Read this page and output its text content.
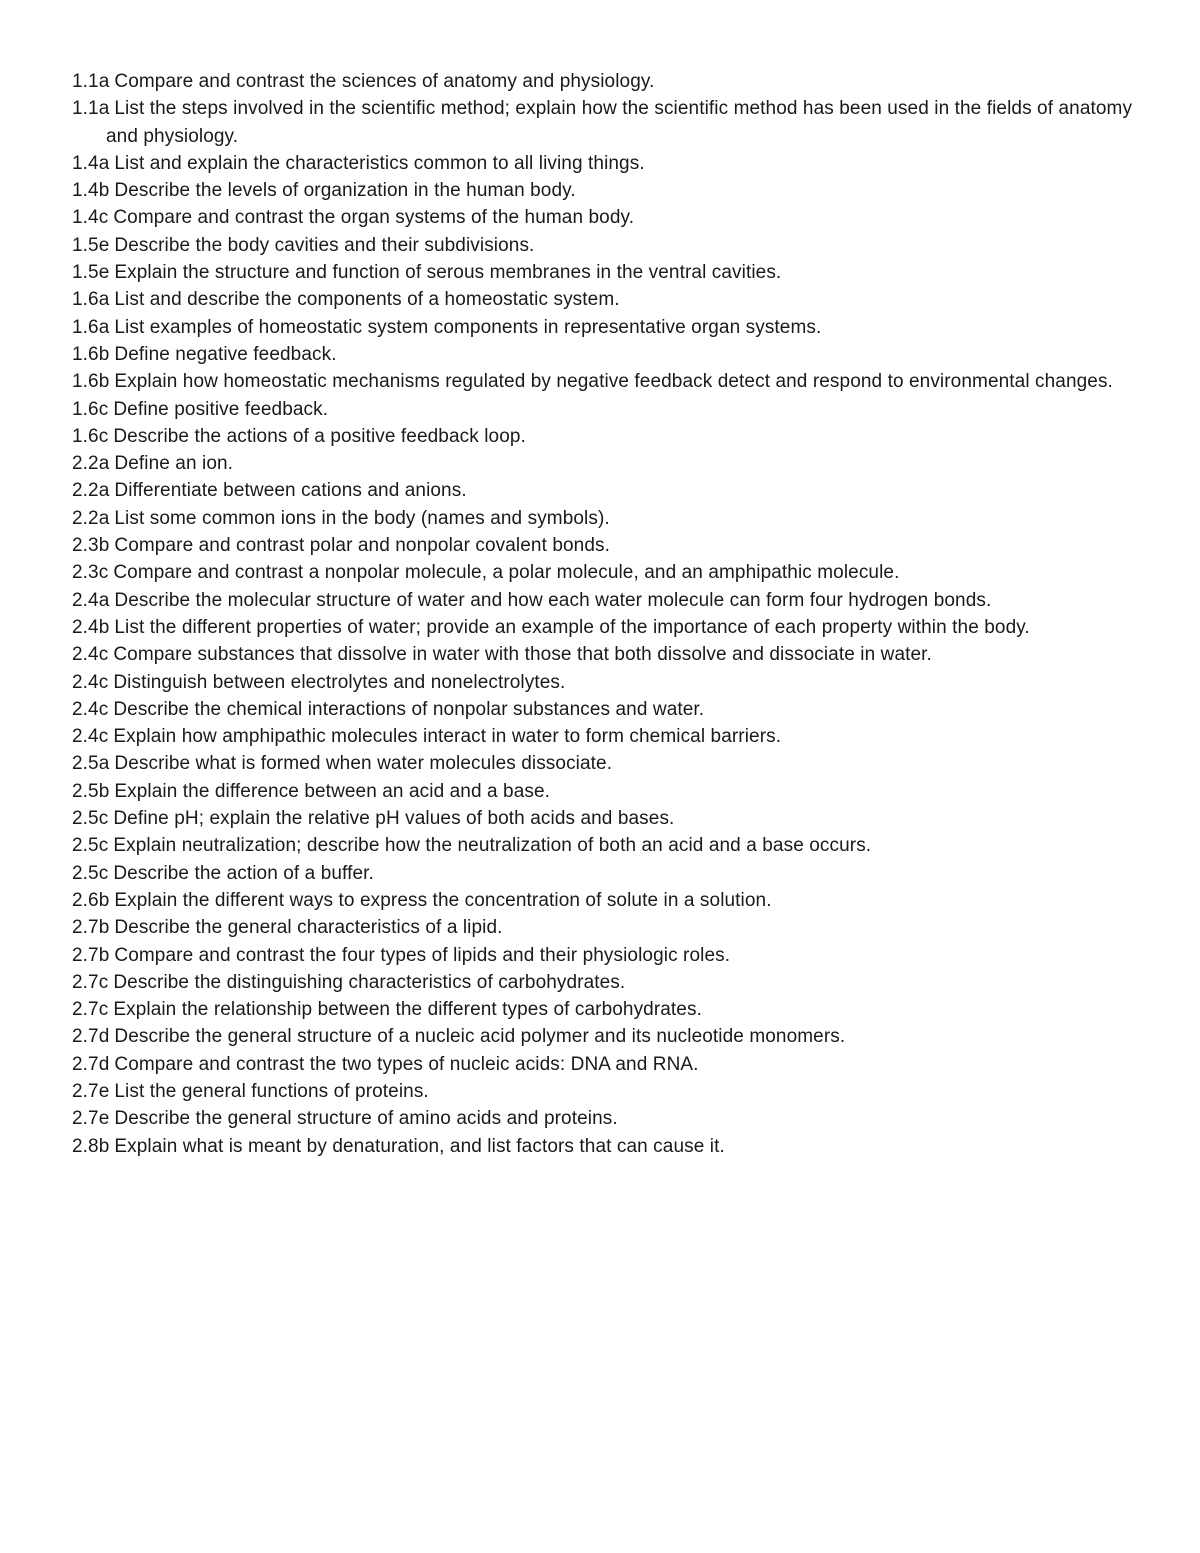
1.1a Compare and contrast the sciences of anatomy and physiology.
1.1a List the steps involved in the scientific method; explain how the scientific method has been used in the fields of anatomy and physiology.
1.4a List and explain the characteristics common to all living things.
1.4b Describe the levels of organization in the human body.
1.4c Compare and contrast the organ systems of the human body.
1.5e Describe the body cavities and their subdivisions.
1.5e Explain the structure and function of serous membranes in the ventral cavities.
1.6a List and describe the components of a homeostatic system.
1.6a List examples of homeostatic system components in representative organ systems.
1.6b Define negative feedback.
1.6b Explain how homeostatic mechanisms regulated by negative feedback detect and respond to environmental changes.
1.6c Define positive feedback.
1.6c Describe the actions of a positive feedback loop.
2.2a Define an ion.
2.2a Differentiate between cations and anions.
2.2a List some common ions in the body (names and symbols).
2.3b Compare and contrast polar and nonpolar covalent bonds.
2.3c Compare and contrast a nonpolar molecule, a polar molecule, and an amphipathic molecule.
2.4a Describe the molecular structure of water and how each water molecule can form four hydrogen bonds.
2.4b List the different properties of water; provide an example of the importance of each property within the body.
2.4c Compare substances that dissolve in water with those that both dissolve and dissociate in water.
2.4c Distinguish between electrolytes and nonelectrolytes.
2.4c Describe the chemical interactions of nonpolar substances and water.
2.4c Explain how amphipathic molecules interact in water to form chemical barriers.
2.5a Describe what is formed when water molecules dissociate.
2.5b Explain the difference between an acid and a base.
2.5c Define pH; explain the relative pH values of both acids and bases.
2.5c Explain neutralization; describe how the neutralization of both an acid and a base occurs.
2.5c Describe the action of a buffer.
2.6b Explain the different ways to express the concentration of solute in a solution.
2.7b Describe the general characteristics of a lipid.
2.7b Compare and contrast the four types of lipids and their physiologic roles.
2.7c Describe the distinguishing characteristics of carbohydrates.
2.7c Explain the relationship between the different types of carbohydrates.
2.7d Describe the general structure of a nucleic acid polymer and its nucleotide monomers.
2.7d Compare and contrast the two types of nucleic acids: DNA and RNA.
2.7e List the general functions of proteins.
2.7e Describe the general structure of amino acids and proteins.
2.8b Explain what is meant by denaturation, and list factors that can cause it.
